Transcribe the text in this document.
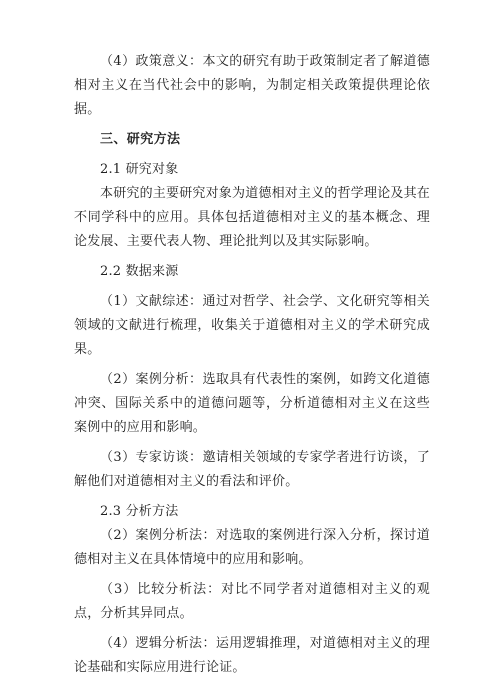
（4）政策意义：本文的研究有助于政策制定者了解道德相对主义在当代社会中的影响，为制定相关政策提供理论依据。

三、研究方法

2.1 研究对象

本研究的主要研究对象为道德相对主义的哲学理论及其在不同学科中的应用。具体包括道德相对主义的基本概念、理论发展、主要代表人物、理论批判以及其实际影响。

2.2 数据来源

（1）文献综述：通过对哲学、社会学、文化研究等相关领域的文献进行梳理，收集关于道德相对主义的学术研究成果。

（2）案例分析：选取具有代表性的案例，如跨文化道德冲突、国际关系中的道德问题等，分析道德相对主义在这些案例中的应用和影响。

（3）专家访谈：邀请相关领域的专家学者进行访谈，了解他们对道德相对主义的看法和评价。

2.3 分析方法

（2）案例分析法：对选取的案例进行深入分析，探讨道德相对主义在具体情境中的应用和影响。

（3）比较分析法：对比不同学者对道德相对主义的观点，分析其异同点。

（4）逻辑分析法：运用逻辑推理，对道德相对主义的理论基础和实际应用进行论证。
